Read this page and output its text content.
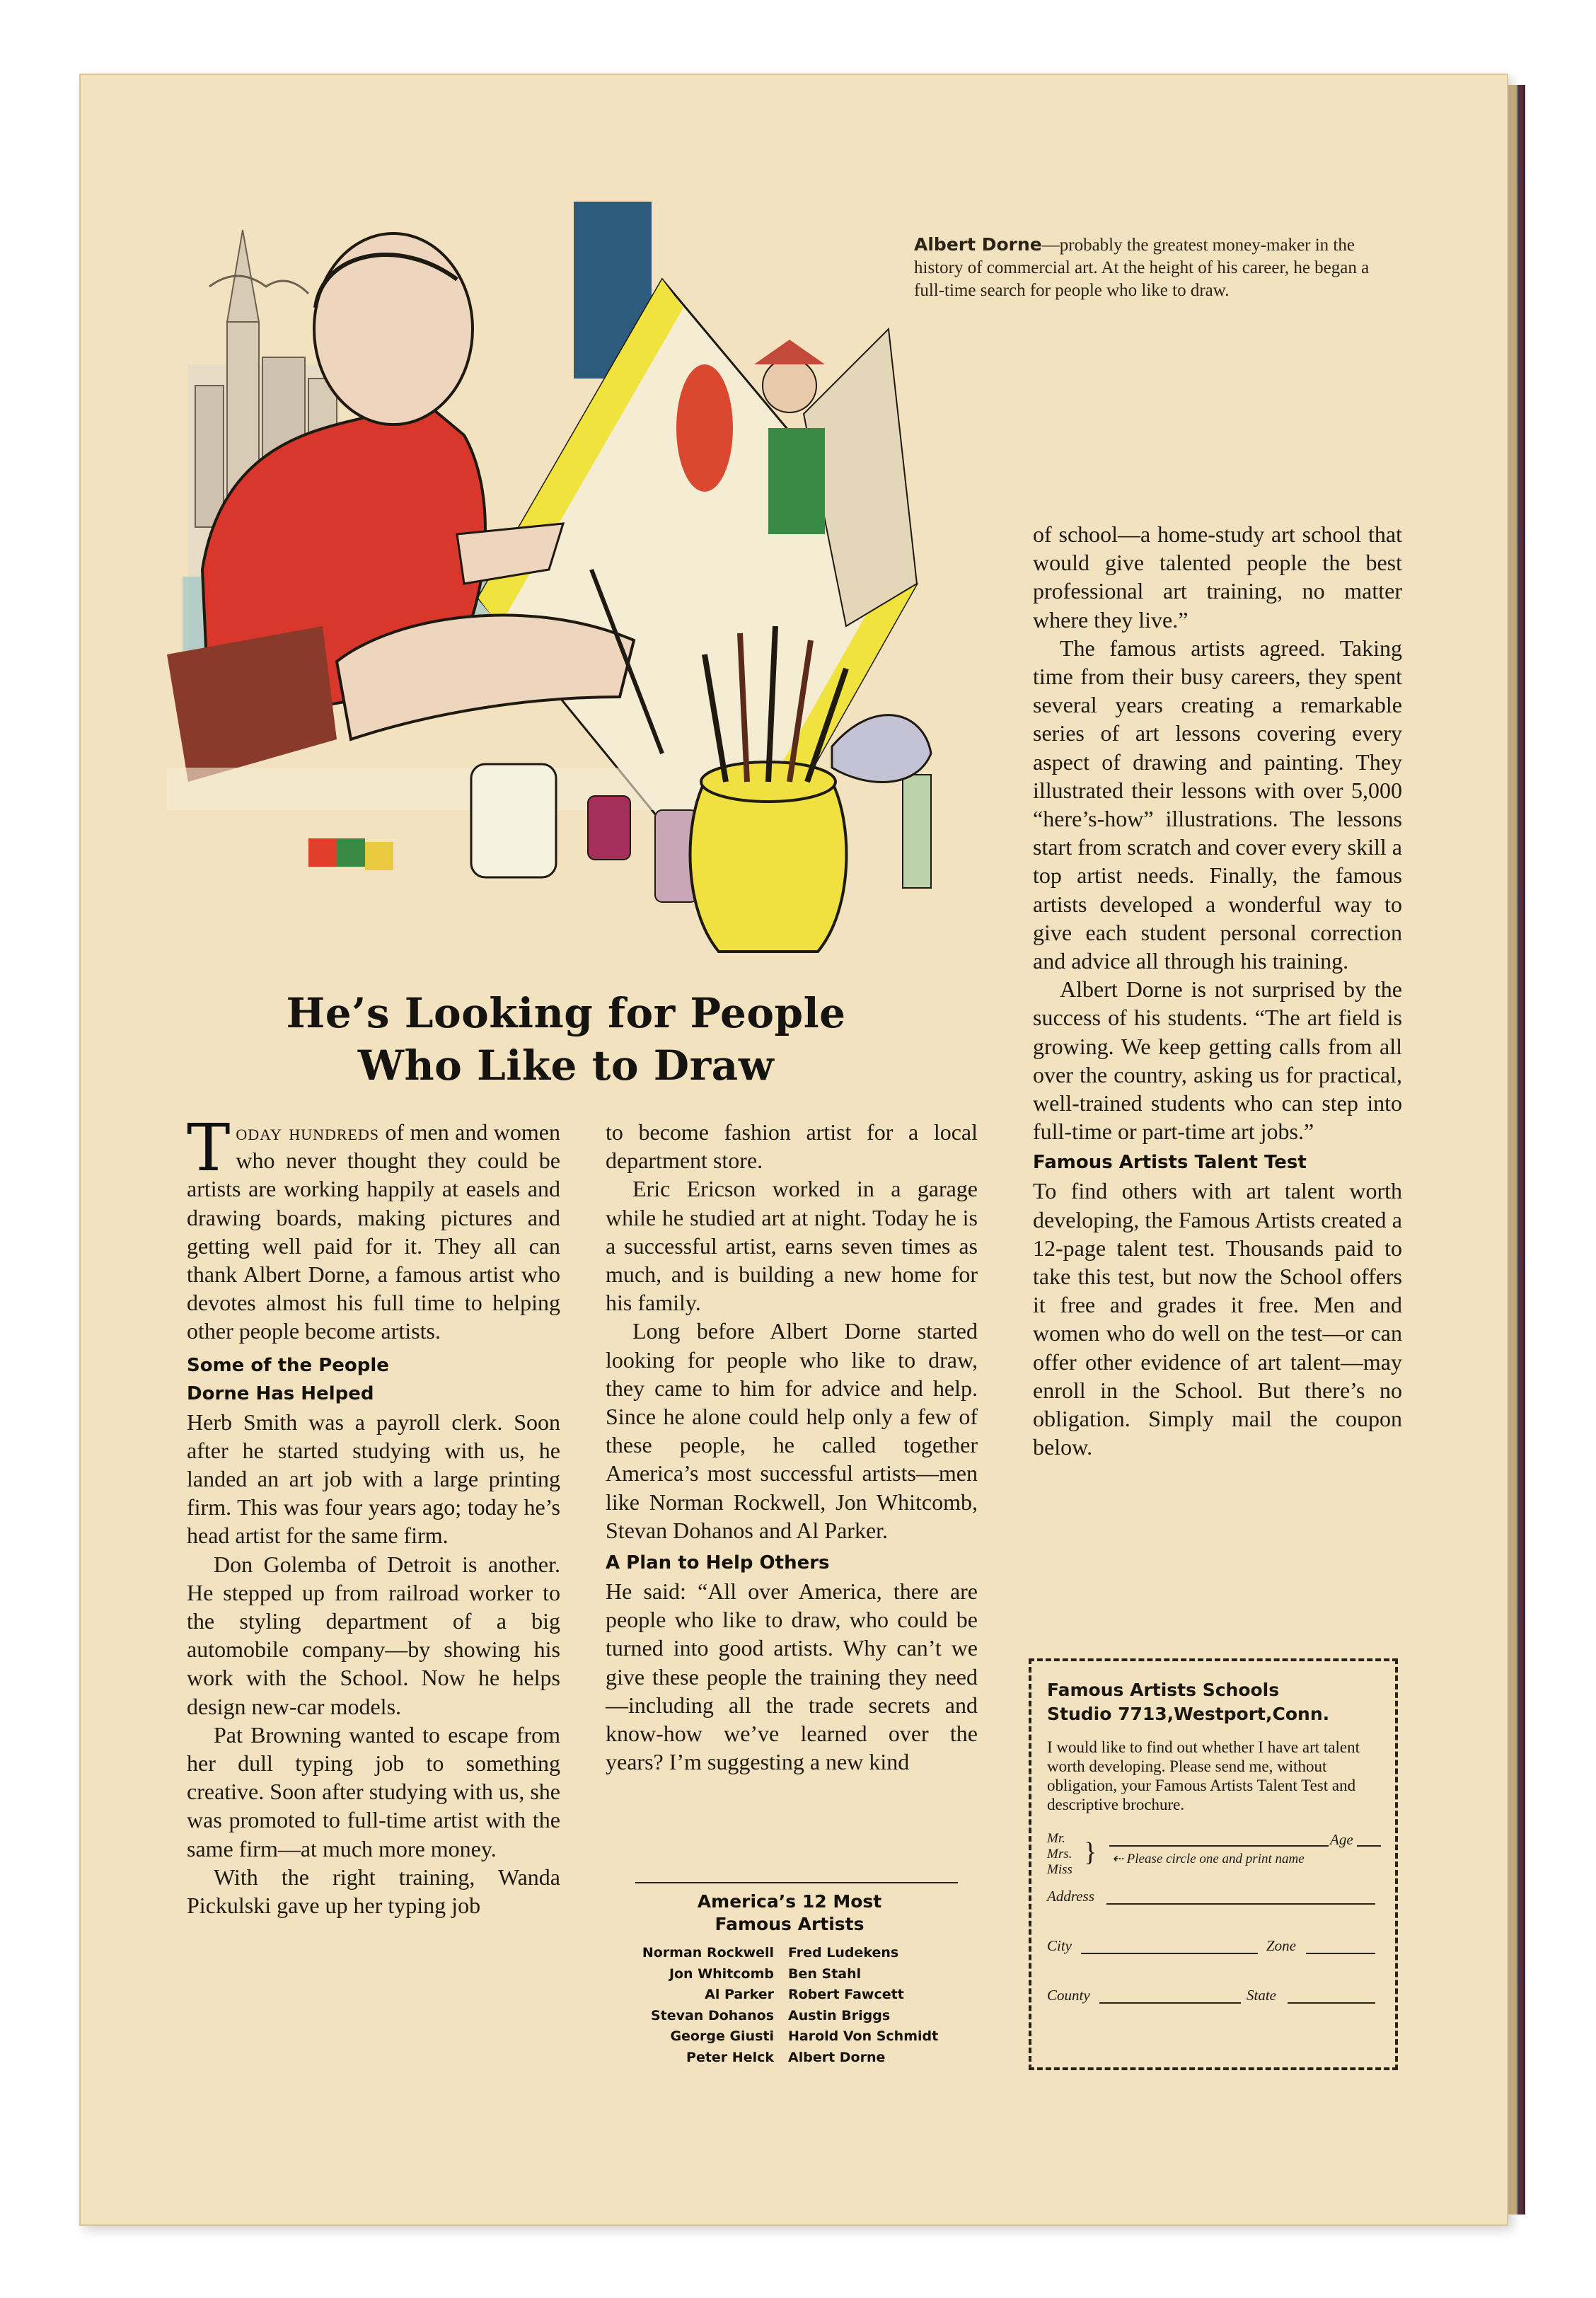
Albert Dorne—probably the greatest money-maker in the history of commercial art. At the height of his career, he began a full-time search for people who like to draw.
He’s Looking for People
Who Like to Draw

Today hundreds of men and women who never thought they could be artists are working happily at easels and drawing boards, making pictures and getting well paid for it. They all can thank Albert Dorne, a famous artist who devotes almost his full time to helping other people become artists.

Some of the People
Dorne Has Helped

Herb Smith was a payroll clerk. Soon after he started studying with us, he landed an art job with a large printing firm. This was four years ago; today he’s head artist for the same firm.

Don Golemba of Detroit is another. He stepped up from railroad worker to the styling department of a big automobile company—by showing his work with the School. Now he helps design new-car models.

Pat Browning wanted to escape from her dull typing job to something creative. Soon after studying with us, she was promoted to full-time artist with the same firm—at much more money.

With the right training, Wanda Pickulski gave up her typing job

to become fashion artist for a local department store.

Eric Ericson worked in a garage while he studied art at night. Today he is a successful artist, earns seven times as much, and is building a new home for his family.

Long before Albert Dorne started looking for people who like to draw, they came to him for advice and help. Since he alone could help only a few of these people, he called together America’s most successful artists—men like Norman Rockwell, Jon Whitcomb, Stevan Dohanos and Al Parker.

A Plan to Help Others

He said: “All over America, there are people who like to draw, who could be turned into good artists. Why can’t we give these people the training they need—including all the trade secrets and know-how we’ve learned over the years? I’m suggesting a new kind

of school—a home-study art school that would give talented people the best professional art training, no matter where they live.”

The famous artists agreed. Taking time from their busy careers, they spent several years creating a remarkable series of art lessons covering every aspect of drawing and painting. They illustrated their lessons with over 5,000 “here’s-how” illustrations. The lessons start from scratch and cover every skill a top artist needs. Finally, the famous artists developed a wonderful way to give each student personal correction and advice all through his training.

Albert Dorne is not surprised by the success of his students. “The art field is growing. We keep getting calls from all over the country, asking us for practical, well-trained students who can step into full-time or part-time art jobs.”

Famous Artists Talent Test

To find others with art talent worth developing, the Famous Artists created a 12-page talent test. Thousands paid to take this test, but now the School offers it free and grades it free. Men and women who do well on the test—or can offer other evidence of art talent—may enroll in the School. But there’s no obligation. Simply mail the coupon below.

America’s 12 Most
Famous Artists
Norman Rockwell	Fred Ludekens
Jon Whitcomb	Ben Stahl
Al Parker	Robert Fawcett
Stevan Dohanos	Austin Briggs
George Giusti	Harold Von Schmidt
Peter Helck	Albert Dorne
Famous Artists Schools
Studio 7713,Westport,Conn.
I would like to find out whether I have art talent worth developing. Please send me, without obligation, your Famous Artists Talent Test and descriptive brochure.
Mr.
Mrs.
Miss
}	Age
⇠ Please circle one and print name
Address
City	Zone
County	State
